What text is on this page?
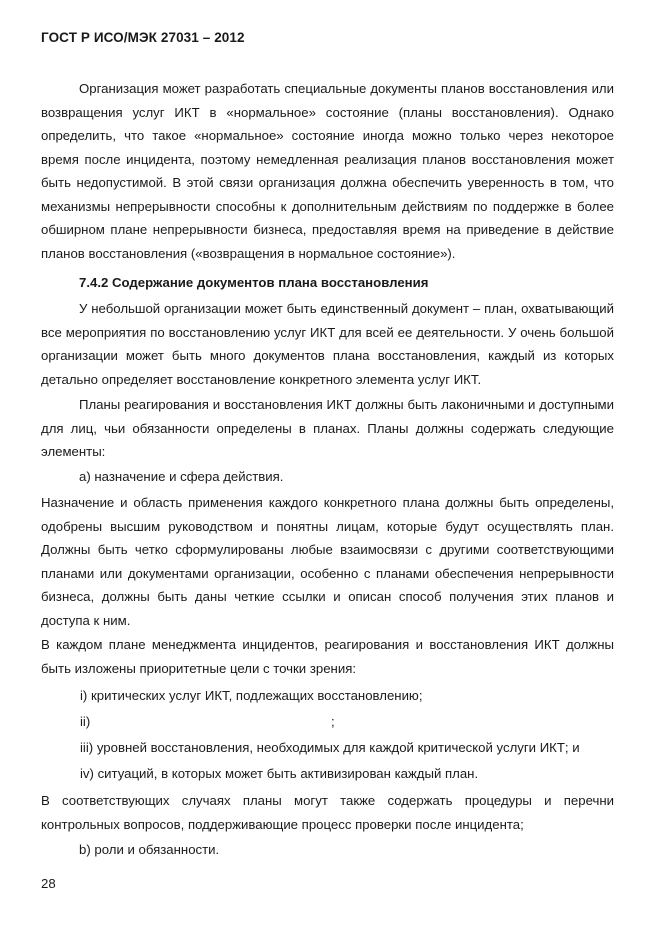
ГОСТ Р ИСО/МЭК 27031 – 2012
Организация может разработать специальные документы планов восстановления или возвращения услуг ИКТ в «нормальное» состояние (планы восстановления). Однако определить, что такое «нормальное» состояние иногда можно только через некоторое время после инцидента, поэтому немедленная реализация планов восстановления может быть недопустимой. В этой связи организация должна обеспечить уверенность в том, что механизмы непрерывности способны к дополнительным действиям по поддержке в более обширном плане непрерывности бизнеса, предоставляя время на приведение в действие планов восстановления («возвращения в нормальное состояние»).
7.4.2 Содержание документов плана восстановления
У небольшой организации может быть единственный документ – план, охватывающий все мероприятия по восстановлению услуг ИКТ для всей ее деятельности. У очень большой организации может быть много документов плана восстановления, каждый из которых детально определяет восстановление конкретного элемента услуг ИКТ.
Планы реагирования и восстановления ИКТ должны быть лаконичными и доступными для лиц, чьи обязанности определены в планах. Планы должны содержать следующие элементы:
a) назначение и сфера действия.
Назначение и область применения каждого конкретного плана должны быть определены, одобрены высшим руководством и понятны лицам, которые будут осуществлять план. Должны быть четко сформулированы любые взаимосвязи с другими соответствующими планами или документами организации, особенно с планами обеспечения непрерывности бизнеса, должны быть даны четкие ссылки и описан способ получения этих планов и доступа к ним.
В каждом плане менеджмента инцидентов, реагирования и восстановления ИКТ должны быть изложены приоритетные цели с точки зрения:
i) критических услуг ИКТ, подлежащих восстановлению;
ii)	;
iii) уровней восстановления, необходимых для каждой критической услуги ИКТ; и
iv) ситуаций, в которых может быть активизирован каждый план.
В соответствующих случаях планы могут также содержать процедуры и перечни контрольных вопросов, поддерживающие процесс проверки после инцидента;
b) роли и обязанности.
28
